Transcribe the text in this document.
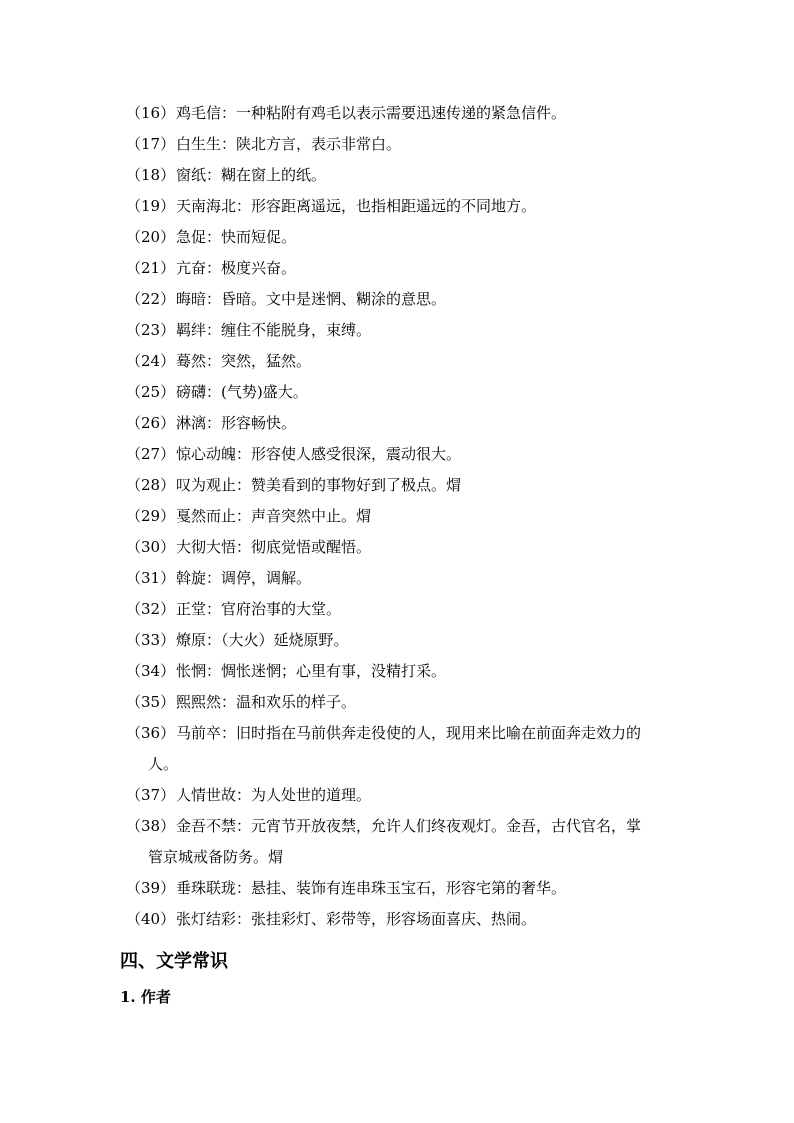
（16）鸡毛信：一种粘附有鸡毛以表示需要迅速传递的紧急信件。
（17）白生生：陕北方言，表示非常白。
（18）窗纸：糊在窗上的纸。
（19）天南海北：形容距离遥远，也指相距遥远的不同地方。
（20）急促：快而短促。
（21）亢奋：极度兴奋。
（22）晦暗：昏暗。文中是迷惘、糊涂的意思。
（23）羁绊：缠住不能脱身，束缚。
（24）蓦然：突然，猛然。
（25）磅礴：(气势)盛大。
（26）淋漓：形容畅快。
（27）惊心动魄：形容使人感受很深，震动很大。
（28）叹为观止：赞美看到的事物好到了极点。焨
（29）戛然而止：声音突然中止。焨
（30）大彻大悟：彻底觉悟或醒悟。
（31）斡旋：调停，调解。
（32）正堂：官府治事的大堂。
（33）燎原：（大火）延烧原野。
（34）怅惘：惆怅迷惘；心里有事，没精打采。
（35）熙熙然：温和欢乐的样子。
（36）马前卒：旧时指在马前供奔走役使的人，现用来比喻在前面奔走效力的
人。
（37）人情世故：为人处世的道理。
（38）金吾不禁：元宵节开放夜禁，允许人们终夜观灯。金吾，古代官名，掌
管京城戒备防务。焨
（39）垂珠联珑：悬挂、装饰有连串珠玉宝石，形容宅第的奢华。
（40）张灯结彩：张挂彩灯、彩带等，形容场面喜庆、热闹。
四、文学常识
1. 作者
